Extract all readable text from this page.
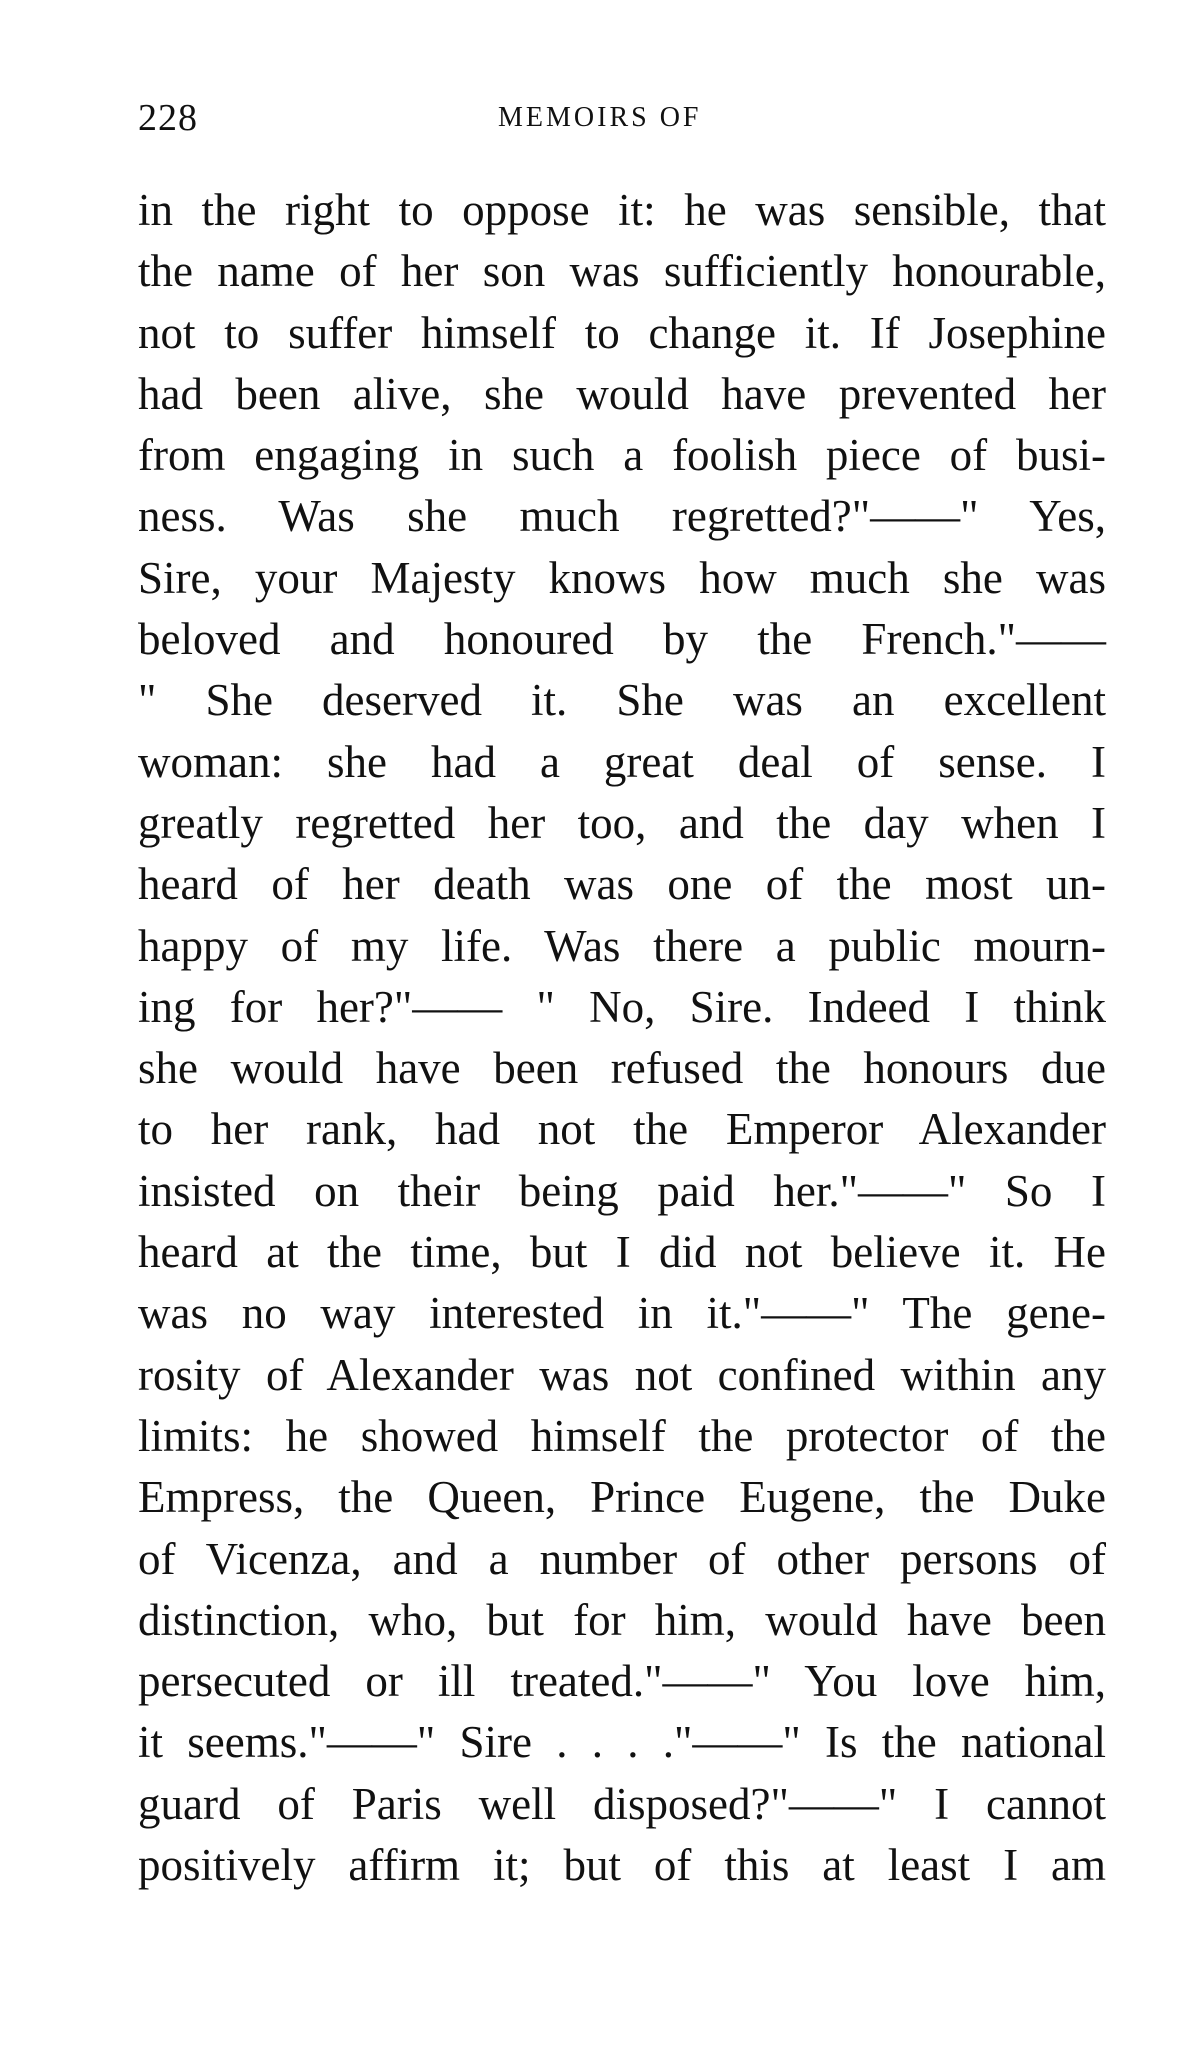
228	MEMOIRS OF
in the right to oppose it: he was sensible, that
the name of her son was sufficiently honourable,
not to suffer himself to change it. If Josephine
had been alive, she would have prevented her
from engaging in such a foolish piece of busi-
ness. Was she much regretted?"——" Yes,
Sire, your Majesty knows how much she was
beloved and honoured by the French."——
" She deserved it. She was an excellent
woman: she had a great deal of sense. I
greatly regretted her too, and the day when I
heard of her death was one of the most un-
happy of my life. Was there a public mourn-
ing for her?"—— " No, Sire. Indeed I think
she would have been refused the honours due
to her rank, had not the Emperor Alexander
insisted on their being paid her."——" So I
heard at the time, but I did not believe it. He
was no way interested in it."——" The gene-
rosity of Alexander was not confined within any
limits: he showed himself the protector of the
Empress, the Queen, Prince Eugene, the Duke
of Vicenza, and a number of other persons of
distinction, who, but for him, would have been
persecuted or ill treated."——" You love him,
it seems."——" Sire . . . ."——" Is the national
guard of Paris well disposed?"——" I cannot
positively affirm it; but of this at least I am
